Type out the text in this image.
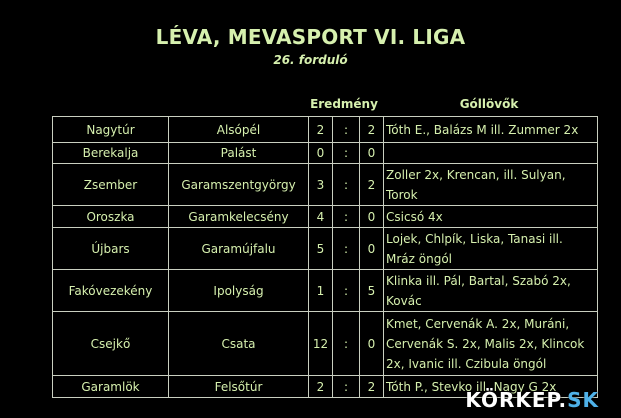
LÉVA, MEVASPORT VI. LIGA
26. forduló
Eredmény	Góllövők
Nagytúr	Alsópél	2	:	2	Tóth E., Balázs M ill. Zummer 2x
Berekalja	Palást	0	:	0	
Zsember	Garamszentgyörgy	3	:	2	Zoller 2x, Krencan, ill. Sulyan, Torok
Oroszka	Garamkelecsény	4	:	0	Csicsó 4x
Újbars	Garamújfalu	5	:	0	Lojek, Chlpík, Liska, Tanasi ill. Mráz öngól
Fakóvezekény	Ipolyság	1	:	5	Klinka ill. Pál, Bartal, Szabó 2x, Kovác
Csejkő	Csata	12	:	0	Kmet, Cervenák A. 2x, Muráni, Cervenák S. 2x, Malis 2x, Klincok 2x, Ivanic ill. Czibula öngól
Garamlök	Felsőtúr	2	:	2	Tóth P., Stevko ill. Nagy G 2x
KÖRKEP.SK
